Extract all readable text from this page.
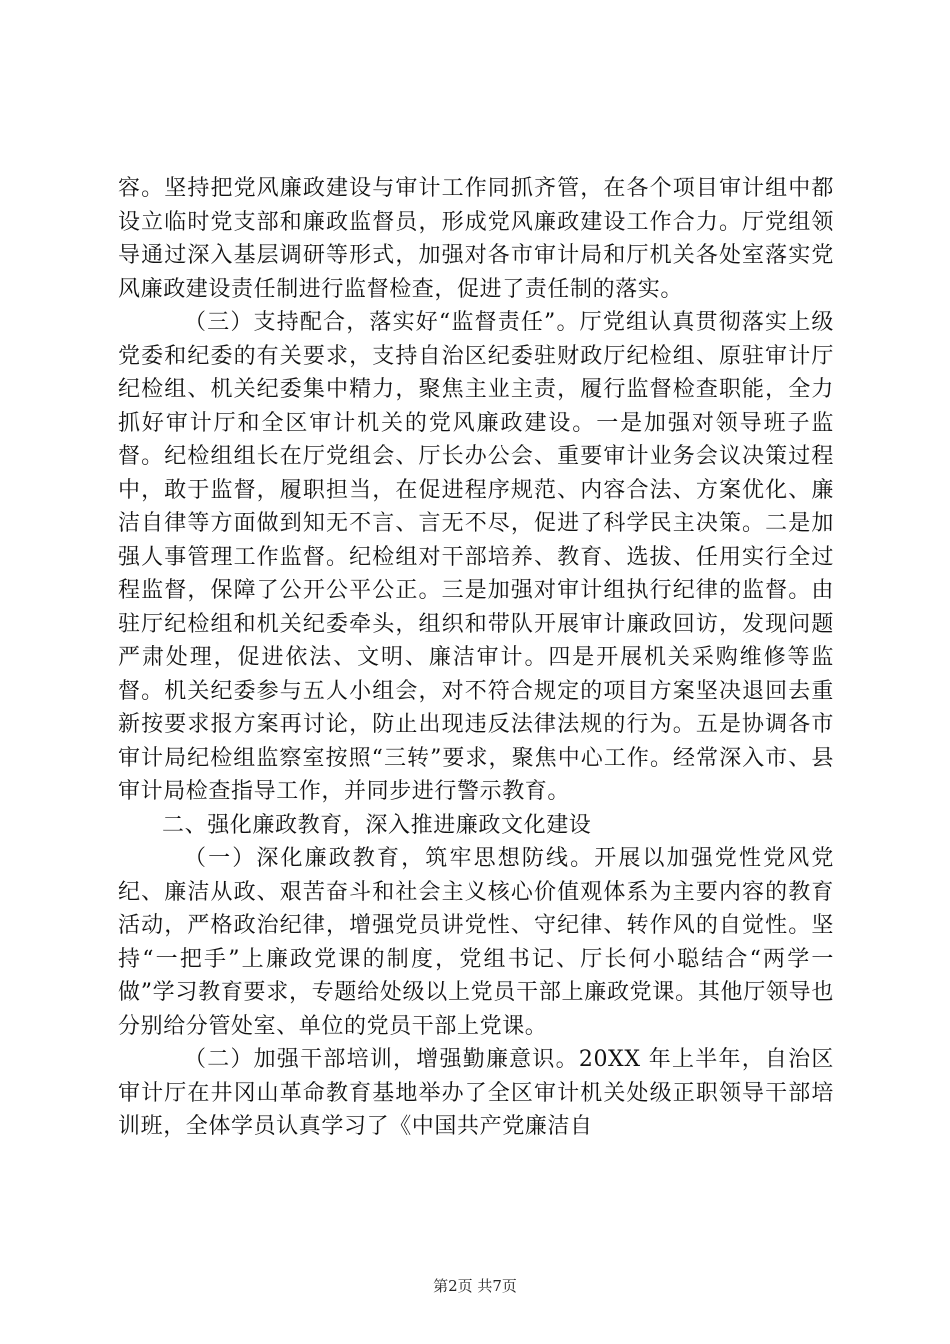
容。坚持把党风廉政建设与审计工作同抓齐管，在各个项目审计组中都设立临时党支部和廉政监督员，形成党风廉政建设工作合力。厅党组领导通过深入基层调研等形式，加强对各市审计局和厅机关各处室落实党风廉政建设责任制进行监督检查，促进了责任制的落实。

（三）支持配合，落实好“监督责任”。厅党组认真贯彻落实上级党委和纪委的有关要求，支持自治区纪委驻财政厅纪检组、原驻审计厅纪检组、机关纪委集中精力，聚焦主业主责，履行监督检查职能，全力抓好审计厅和全区审计机关的党风廉政建设。一是加强对领导班子监督。纪检组组长在厅党组会、厅长办公会、重要审计业务会议决策过程中，敢于监督，履职担当，在促进程序规范、内容合法、方案优化、廉洁自律等方面做到知无不言、言无不尽，促进了科学民主决策。二是加强人事管理工作监督。纪检组对干部培养、教育、选拔、任用实行全过程监督，保障了公开公平公正。三是加强对审计组执行纪律的监督。由驻厅纪检组和机关纪委牵头，组织和带队开展审计廉政回访，发现问题严肃处理，促进依法、文明、廉洁审计。四是开展机关采购维修等监督。机关纪委参与五人小组会，对不符合规定的项目方案坚决退回去重新按要求报方案再讨论，防止出现违反法律法规的行为。五是协调各市审计局纪检组监察室按照“三转”要求，聚焦中心工作。经常深入市、县审计局检查指导工作，并同步进行警示教育。

二、强化廉政教育，深入推进廉政文化建设

（一）深化廉政教育，筑牢思想防线。开展以加强党性党风党纪、廉洁从政、艰苦奋斗和社会主义核心价值观体系为主要内容的教育活动，严格政治纪律，增强党员讲党性、守纪律、转作风的自觉性。坚持“一把手”上廉政党课的制度，党组书记、厅长何小聪结合“两学一做”学习教育要求，专题给处级以上党员干部上廉政党课。其他厅领导也分别给分管处室、单位的党员干部上党课。

（二）加强干部培训，增强勤廉意识。20XX 年上半年，自治区审计厅在井冈山革命教育基地举办了全区审计机关处级正职领导干部培训班，全体学员认真学习了《中国共产党廉洁自

第2页 共7页
